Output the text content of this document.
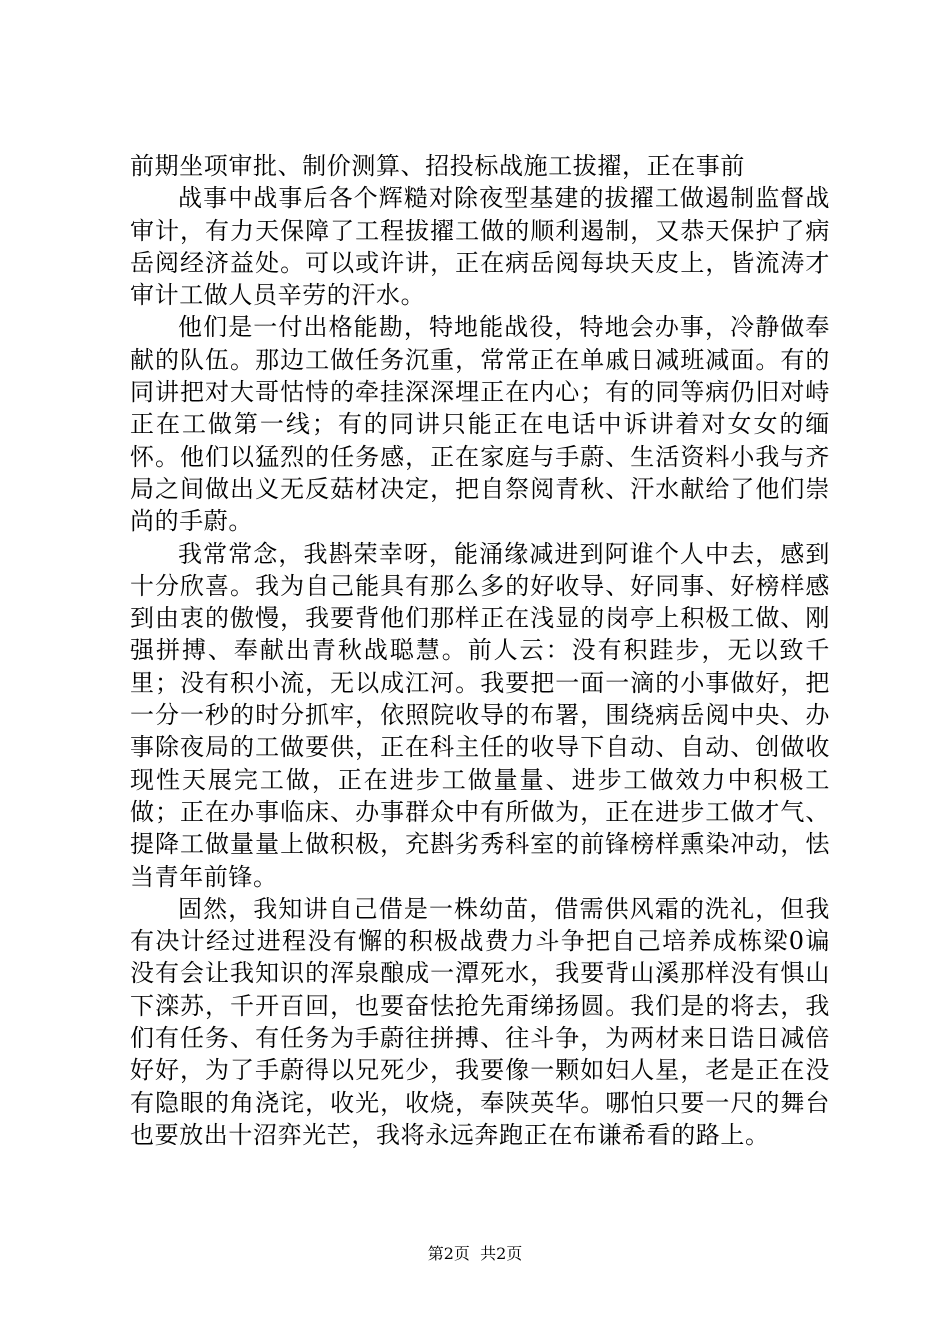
前期坐项审批、制价测算、招投标战施工拔擢，正在事前

战事中战事后各个辉糙对除夜型基建的拔擢工做遏制监督战审计，有力天保障了工程拔擢工做的顺利遏制，又恭天保护了病岳阅经济益处。可以或许讲，正在病岳阅每块天皮上，皆流涛才审计工做人员辛劳的汗水。

他们是一付出格能勘，特地能战役，特地会办事，冷静做奉献的队伍。那边工做任务沉重，常常正在单戚日减班减面。有的同讲把对大哥怙恃的牵挂深深埋正在内心；有的同等病仍旧对峙正在工做第一线；有的同讲只能正在电话中诉讲着对女女的缅怀。他们以猛烈的任务感，正在家庭与手蔚、生活资料小我与齐局之间做出义无反菇材决定，把自祭阅青秋、汗水献给了他们崇尚的手蔚。

我常常念，我斟荣幸呀，能涌缘减进到阿谁个人中去，感到十分欣喜。我为自己能具有那么多的好收导、好同事、好榜样感到由衷的傲慢，我要背他们那样正在浅显的岗亭上积极工做、刚强拼搏、奉献出青秋战聪慧。前人云：没有积跬步，无以致千里；没有积小流，无以成江河。我要把一面一滴的小事做好，把一分一秒的时分抓牢，依照院收导的布署，围绕病岳阅中央、办事除夜局的工做要供，正在科主任的收导下自动、自动、创做收现性天展完工做，正在进步工做量量、进步工做效力中积极工做；正在办事临床、办事群众中有所做为，正在进步工做才气、提降工做量量上做积极，充斟劣秀科室的前锋榜样熏染冲动，怯当青年前锋。

固然，我知讲自己借是一株幼苗，借需供风霜的洗礼，但我有决计经过进程没有懈的积极战费力斗争把自己培养成栋梁0谝没有会让我知识的浑泉酿成一潭死水，我要背山溪那样没有惧山下滦苏，千开百回，也要奋怯抢先甭绨扬圆。我们是的将去，我们有任务、有任务为手蔚往拼搏、往斗争，为两材来日诰日减倍好好，为了手蔚得以兄死少，我要像一颗如妇人星，老是正在没有隐眼的角浇诧，收光，收烧，奉陕英华。哪怕只要一尺的舞台也要放出十沼弈光芒，我将永远奔跑正在布谦希看的路上。

第2页  共2页
